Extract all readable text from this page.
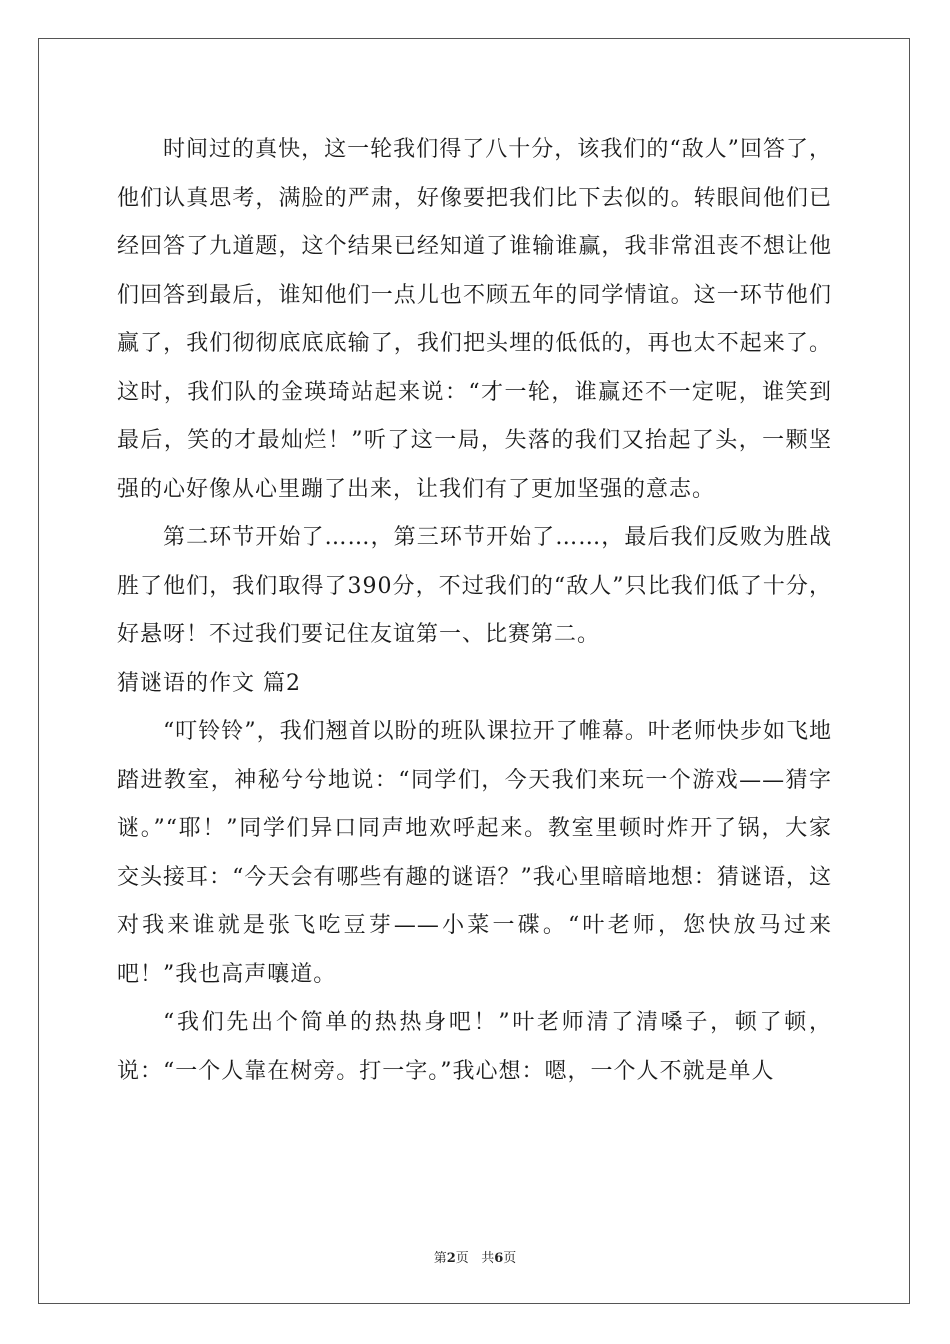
时间过的真快，这一轮我们得了八十分，该我们的“敌人”回答了，他们认真思考，满脸的严肃，好像要把我们比下去似的。转眼间他们已经回答了九道题，这个结果已经知道了谁输谁赢，我非常沮丧不想让他们回答到最后，谁知他们一点儿也不顾五年的同学情谊。这一环节他们赢了，我们彻彻底底底输了，我们把头埋的低低的，再也太不起来了。这时，我们队的金瑛琦站起来说：“才一轮，谁赢还不一定呢，谁笑到最后，笑的才最灿烂！”听了这一局，失落的我们又抬起了头，一颗坚强的心好像从心里蹦了出来，让我们有了更加坚强的意志。

第二环节开始了……，第三环节开始了……，最后我们反败为胜战胜了他们，我们取得了390分，不过我们的“敌人”只比我们低了十分，好悬呀！不过我们要记住友谊第一、比赛第二。

猜谜语的作文 篇2

“叮铃铃”，我们翘首以盼的班队课拉开了帷幕。叶老师快步如飞地踏进教室，神秘兮兮地说：“同学们，今天我们来玩一个游戏——猜字谜。”“耶！”同学们异口同声地欢呼起来。教室里顿时炸开了锅，大家交头接耳：“今天会有哪些有趣的谜语？”我心里暗暗地想：猜谜语，这对我来谁就是张飞吃豆芽——小菜一碟。“叶老师，您快放马过来吧！”我也高声嚷道。

“我们先出个简单的热热身吧！”叶老师清了清嗓子，顿了顿，说：“一个人靠在树旁。打一字。”我心想：嗯，一个人不就是单人

第2页 共6页
